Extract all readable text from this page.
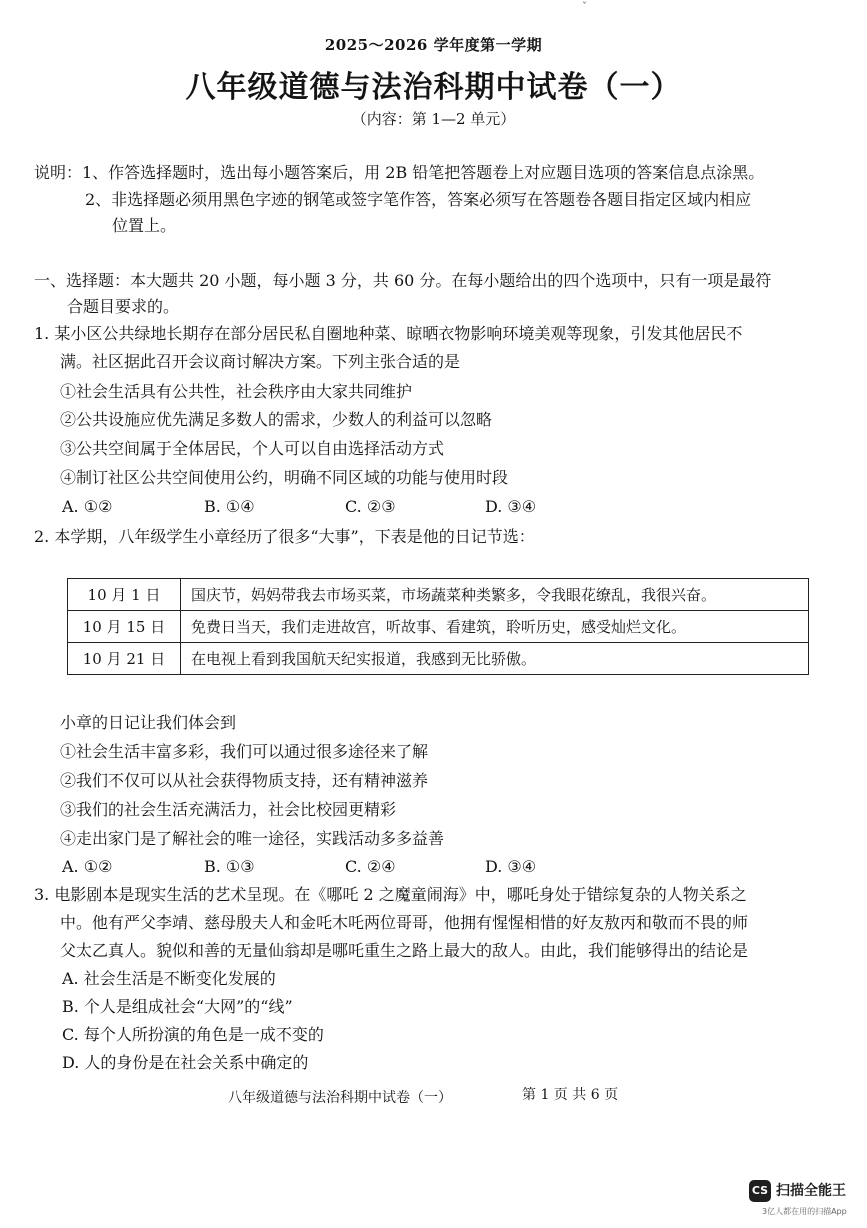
ˇ
2025～2026 学年度第一学期
八年级道德与法治科期中试卷（一）
（内容：第 1—2 单元）
说明：1、作答选择题时，选出每小题答案后，用 2B 铅笔把答题卷上对应题目选项的答案信息点涂黑。
2、非选择题必须用黑色字迹的钢笔或签字笔作答，答案必须写在答题卷各题目指定区域内相应
位置上。
一、选择题：本大题共 20 小题，每小题 3 分，共 60 分。在每小题给出的四个选项中，只有一项是最符
合题目要求的。
1. 某小区公共绿地长期存在部分居民私自圈地种菜、晾晒衣物影响环境美观等现象，引发其他居民不
满。社区据此召开会议商讨解决方案。下列主张合适的是
①社会生活具有公共性，社会秩序由大家共同维护
②公共设施应优先满足多数人的需求，少数人的利益可以忽略
③公共空间属于全体居民，个人可以自由选择活动方式
④制订社区公共空间使用公约，明确不同区域的功能与使用时段
A. ①②	B. ①④	C. ②③	D. ③④
2. 本学期，八年级学生小章经历了很多“大事”，下表是他的日记节选：
10 月 1 日	国庆节，妈妈带我去市场买菜，市场蔬菜种类繁多，令我眼花缭乱，我很兴奋。
10 月 15 日	免费日当天，我们走进故宫，听故事、看建筑，聆听历史，感受灿烂文化。
10 月 21 日	在电视上看到我国航天纪实报道，我感到无比骄傲。
小章的日记让我们体会到
①社会生活丰富多彩，我们可以通过很多途径来了解
②我们不仅可以从社会获得物质支持，还有精神滋养
③我们的社会生活充满活力，社会比校园更精彩
④走出家门是了解社会的唯一途径，实践活动多多益善
A. ①②	B. ①③	C. ②④	D. ③④
3. 电影剧本是现实生活的艺术呈现。在《哪吒 2 之魔童闹海》中，哪吒身处于错综复杂的人物关系之
中。他有严父李靖、慈母殷夫人和金吒木吒两位哥哥，他拥有惺惺相惜的好友敖丙和敬而不畏的师
父太乙真人。貌似和善的无量仙翁却是哪吒重生之路上最大的敌人。由此，我们能够得出的结论是
A. 社会生活是不断变化发展的
B. 个人是组成社会“大网”的“线”
C. 每个人所扮演的角色是一成不变的
D. 人的身份是在社会关系中确定的
八年级道德与法治科期中试卷（一）	第 1 页 共 6 页
CS 扫描全能王
3亿人都在用的扫描App
